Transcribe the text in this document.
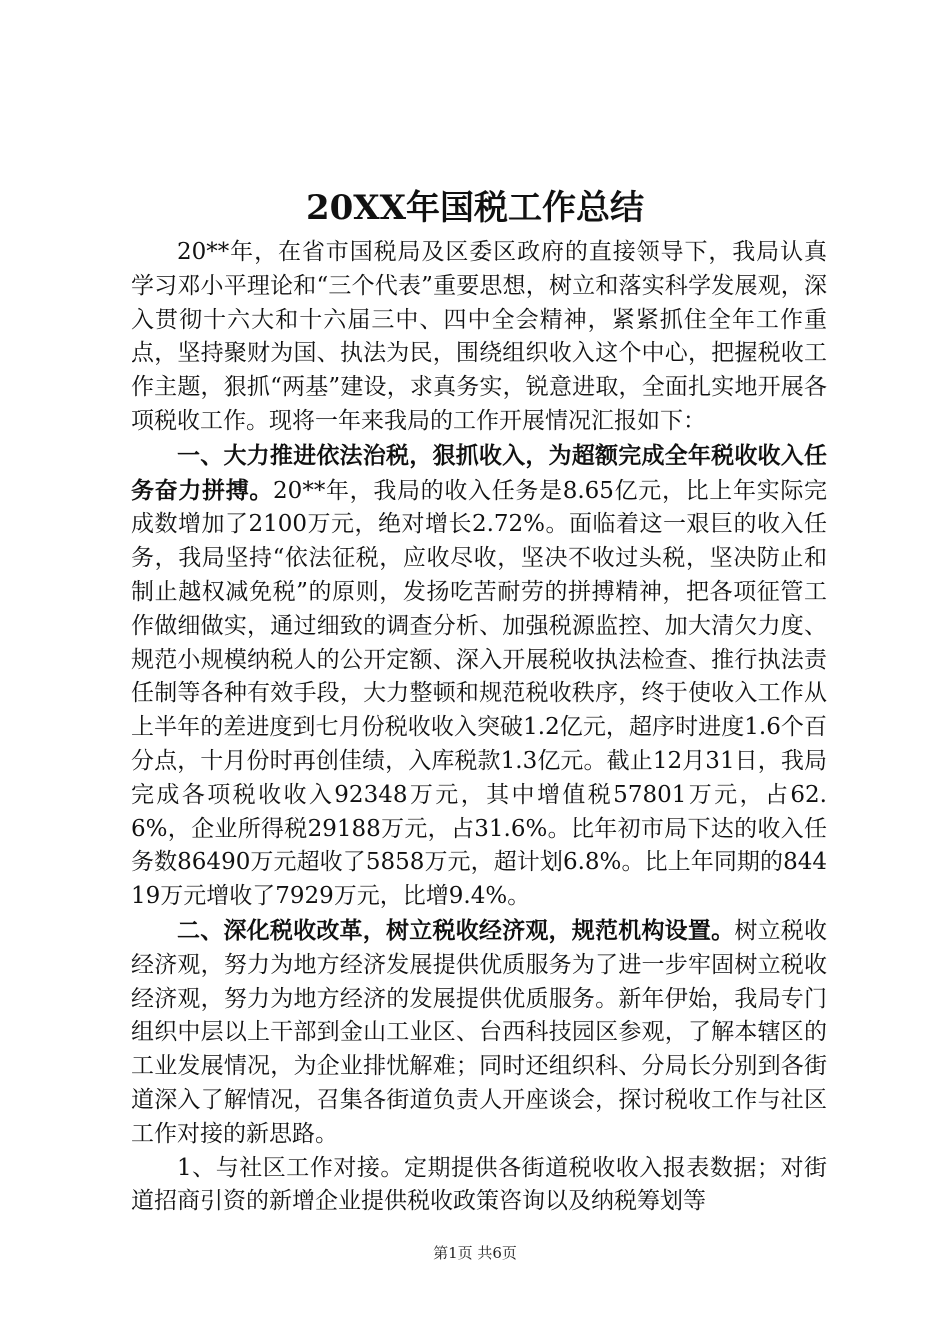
20XX年国税工作总结

20**年，在省市国税局及区委区政府的直接领导下，我局认真学习邓小平理论和“三个代表”重要思想，树立和落实科学发展观，深入贯彻十六大和十六届三中、四中全会精神，紧紧抓住全年工作重点，坚持聚财为国、执法为民，围绕组织收入这个中心，把握税收工作主题，狠抓“两基”建设，求真务实，锐意进取，全面扎实地开展各项税收工作。现将一年来我局的工作开展情况汇报如下：

一、大力推进依法治税，狠抓收入，为超额完成全年税收收入任务奋力拼搏。20**年，我局的收入任务是8.65亿元，比上年实际完成数增加了2100万元，绝对增长2.72%。面临着这一艰巨的收入任务，我局坚持“依法征税，应收尽收，坚决不收过头税，坚决防止和制止越权减免税”的原则，发扬吃苦耐劳的拼搏精神，把各项征管工作做细做实，通过细致的调查分析、加强税源监控、加大清欠力度、规范小规模纳税人的公开定额、深入开展税收执法检查、推行执法责任制等各种有效手段，大力整顿和规范税收秩序，终于使收入工作从上半年的差进度到七月份税收收入突破1.2亿元，超序时进度1.6个百分点，十月份时再创佳绩，入库税款1.3亿元。截止12月31日，我局完成各项税收收入92348万元，其中增值税57801万元，占62.6%，企业所得税29188万元，占31.6%。比年初市局下达的收入任务数86490万元超收了5858万元，超计划6.8%。比上年同期的84419万元增收了7929万元，比增9.4%。

二、深化税收改革，树立税收经济观，规范机构设置。树立税收经济观，努力为地方经济发展提供优质服务为了进一步牢固树立税收经济观，努力为地方经济的发展提供优质服务。新年伊始，我局专门组织中层以上干部到金山工业区、台西科技园区参观，了解本辖区的工业发展情况，为企业排忧解难；同时还组织科、分局长分别到各街道深入了解情况，召集各街道负责人开座谈会，探讨税收工作与社区工作对接的新思路。

1、与社区工作对接。定期提供各街道税收收入报表数据；对街道招商引资的新增企业提供税收政策咨询以及纳税筹划等

第1页 共6页
